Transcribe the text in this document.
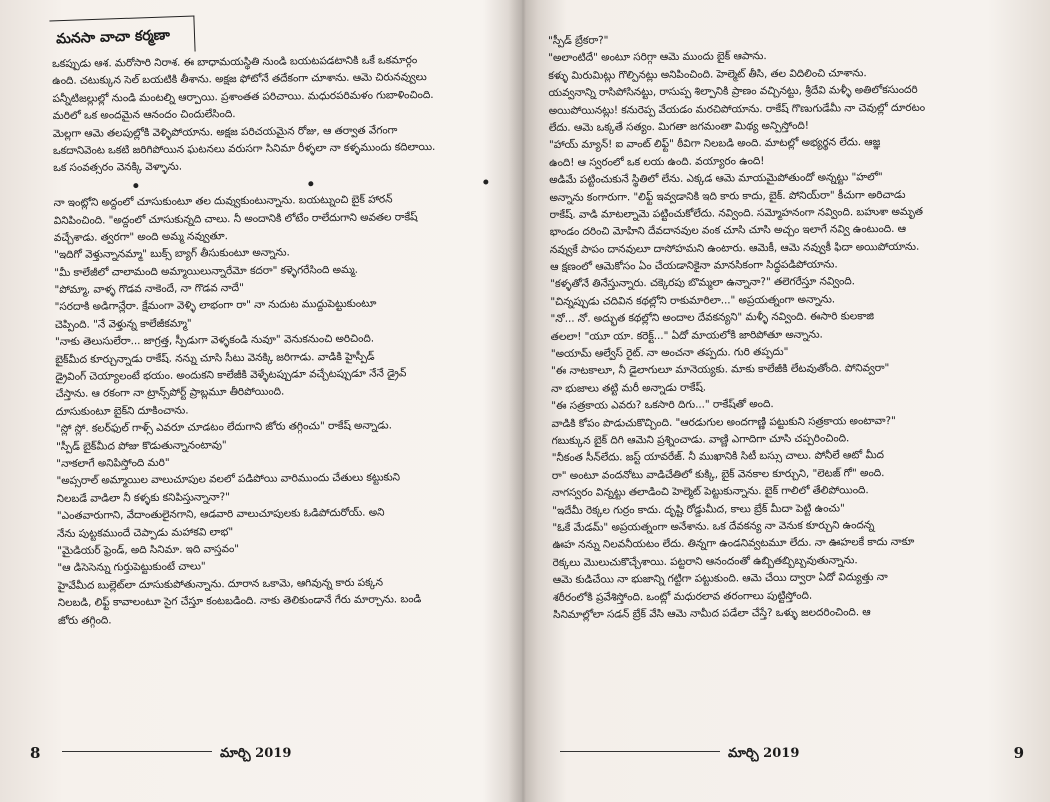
మనసా వాచా కర్మణా
ఒకప్పుడు ఆశ. మరోసారి నిరాశ. ఈ బాధామయస్థితి నుండి బయటపడటానికి ఒకే ఒకమార్గం
ఉంది. చటుక్కున సెల్ బయటికి తీశాను. అక్షజ ఫోటోనే తదేకంగా చూశాను. ఆమె చిరునవ్వులు
పన్నీటిజల్లుల్లో నుండి మంటల్ని ఆర్పాయి. ప్రశాంతత పరిచాయి. మధురపరిమళం గుబాళించింది.
మరిలో ఒక అందమైన ఆనందం చిందులేసింది.
మెల్లగా ఆమె తలపుల్లోకి వెళ్ళిపోయాను. అక్షజ పరిచయమైన రోజు, ఆ తర్వాత వేగంగా
ఒకదానివెంట ఒకటి జరిగిపోయిన ఘటనలు వరుసగా సినిమా రీళ్ళలా నా కళ్ళముందు కదిలాయి.
ఒక సంవత్సరం వెనక్కి వెళ్ళాను.
నా ఇంట్లోని అద్దంలో చూసుకుంటూ తల దువ్వుకుంటున్నాను. బయట్నుంచి బైక్ హారన్
వినిపించింది. "అద్దంలో చూసుకున్నది చాలు. నీ అందానికి లోటేం రాలేదుగాని అవతల రాకేష్
వచ్చేశాడు. త్వరగా" అంది అమ్మ నవ్వుతూ.
"ఇదిగో వెళ్తున్నానమ్మా" బుక్స్ బ్యాగ్ తీసుకుంటూ అన్నాను.
"మీ కాలేజీలో చాలామంది అమ్మాయిలున్నారేమో కదరా" కళ్ళెగరేసింది అమ్మ.
"పోమ్మా, వాళ్ళ గొడవ నాకెందే, నా గొడవ నాదే"
"సరదాకి అడిగాన్లేరా. క్షేమంగా వెళ్ళి లాభంగా రా" నా నుదుట ముద్దుపెట్టుకుంటూ
చెప్పింది. "నే వెళ్తున్న కాలేజీకమ్మా"
"నాకు తెలుసులేరా... జాగ్రత్త, స్పీడుగా వెళ్ళకండి నువూ" వెనుకనుంచి అరిచింది.
బైక్‌మీద కూర్చున్నాడు రాకేష్. నన్ను చూసి సీటు వెనక్కి జరిగాడు. వాడికి హైస్పీడ్
డ్రైవింగ్ చెయ్యాలంటే భయం. అందుకని కాలేజీకి వెళ్ళేటప్పుడూ వచ్చేటప్పుడూ నేనే డ్రైవ్
చేస్తాను. ఆ రకంగా నా ట్రాన్స్‌పోర్ట్ ప్రాబ్లమూ తీరిపోయింది.
దూసుకుంటూ బైక్‌ని దూకించాను.
"స్లో స్లో. కలర్‌ఫుల్ గాళ్స్ ఎవరూ చూడటం లేదుగాని జోరు తగ్గించు" రాకేష్ అన్నాడు.
"స్పీడ్ బైక్‌మీద పోజు కొడుతున్నానంటావు"
"నాకలాగే అనిపిస్తోంది మరి"
"అప్సరాల్ అమ్మాయిల వాలుచూపుల వలలో పడిపోయి వారిముందు చేతులు కట్టుకుని
నిలబడే వాడిలా నీ కళ్ళకు కనిపిస్తున్నానా?"
"ఎంతవారుగాని, వేదాంతులైనగాని, ఆడవారి వాలుచూపులకు ఓడిపోదురోయ్. అని
నేను పుట్టకముందే చెప్పాడు మహాకవి లాభ"
"మైడియర్ ఫ్రెండ్, అది సినిమా. ఇది వాస్తవం"
"ఆ డిసెసెన్ను గుర్తుపెట్టుకుంటే చాలు"
హైవేమీద బుల్లెట్‌లా దూసుకుపోతున్నాను. దూరాన ఒకామె, ఆగివున్న కారు పక్కన
నిలబడి, లిఫ్ట్ కావాలంటూ సైగ చేస్తూ కంటబడింది. నాకు తెలికుండానే గేరు మార్చాను. బండి
జోరు తగ్గింది.
"స్పీడ్ బ్రేకరా?"
"అలాంటిదే" అంటూ సరిగ్గా ఆమె ముందు బైక్ ఆపాను.
కళ్ళు మిరుమిట్లు గొల్పినట్లు అనిపించింది. హెల్మెట్ తీసి, తల విదిలించి చూశాను.
యవ్వనాన్ని రాసిపోసినట్టు, రాసుప్ప శిల్పానికి ప్రాణం వచ్చినట్టు, శ్రీదేవి మళ్ళీ అతిలోకసుందరి
అయిపోయినట్లు! కనురెప్ప వేయడం మరచిపోయాను. రాకేష్ గొణుగుడేమీ నా చెవుల్లో దూరటం
లేదు. ఆమె ఒక్కతే సత్యం. మిగతా జగమంతా మిథ్య అన్పిస్తోంది!
"హాయ్ మ్యాన్! ఐ వాంట్ లిఫ్ట్" ఠీవిగా నిలబడి అంది. మాటల్లో అభ్యర్థన లేదు. ఆజ్ఞ
ఉంది! ఆ స్వరంలో ఒక లయ ఉంది. వయ్యారం ఉంది!
అడిమే పట్టించుకునే స్థితిలో లేను. ఎక్కడ ఆమె మాయమైపోతుందో అన్నట్టు "హలో"
అన్నాను కంగారుగా. "లిఫ్ట్ ఇవ్వడానికి ఇది కారు కాదు, బైక్. పోనియ్‌రా" కీచుగా అరిచాడు
రాకేష్. వాడి మాటల్నామె పట్టించుకోలేదు. నవ్వింది. సమ్మోహనంగా నవ్వింది. బహుశా అమృత
భాండం దరించి మోహిని దేవదానవుల వంక చూసి చూసి అచ్చం ఇలాగే నవ్వి ఉంటుంది. ఆ
నవ్వుకే పాపం దానవులూ దాసోహమని ఉంటారు. ఆమెకీ, ఆమె నవ్వుకీ ఫిదా అయిపోయాను.
ఆ క్షణంలో ఆమెకోసం ఏం చేయడానికైనా మానసికంగా సిద్ధపడిపోయాను.
"కళ్ళతోనే తినేస్తున్నారు. చక్కెరపు బొమ్మలా ఉన్నానా?" తలెగరేస్తూ నవ్వింది.
"చిన్నప్పుడు చదివిన కథల్లోని రాకుమారిలా..." అప్రయత్నంగా అన్నాను.
"నో... నో. అద్భుత కథల్లోని అందాల దేవకన్యని" మళ్ళీ నవ్వింది. ఈసారి కులకాజి
తలలా! "యూ యా. కరెక్ట్..." ఏదో మాయలోకి జారిపోతూ అన్నాను.
"అయామ్ ఆల్వేస్ రైట్. నా అంచనా తప్పదు. గురి తప్పదు"
"ఈ నాటకాలూ, నీ డైలాగులూ మానెయ్యకు. మాకు కాలేజీకి లేటవుతోంది. పోనివ్వరా"
నా భుజాలు తట్టి మరీ అన్నాడు రాకేష్.
"ఈ సత్రకాయ ఎవరు? ఒకసారి దిగు..." రాకేష్‌తో అంది.
వాడికి కోపం పొడుచుకొచ్చింది. "ఆరడుగుల అందగాణ్ణి పట్టుకుని సత్రకాయ అంటావా?"
గబుక్కున బైక్ దిగి ఆమెని ప్రశ్నించాడు. వాణ్ణి ఎగాదిగా చూసి చప్పరించింది.
"నీకంత సీన్‌లేదు. జస్ట్ యావరేజ్. నీ ముఖానికి సిటీ బస్సు చాలు. పోనీలే ఆటో మీద
రా" అంటూ వందనోటు వాడిచేతిలో కుక్కి, బైక్ వెనకాల కూర్చుని, "లెటజ్ గో" అంది.
నాగస్వరం విన్నట్టు తలాడించి హెల్మెట్ పెట్టుకున్నాను. బైక్ గాలిలో తేలిపోయింది.
"ఇదేమీ రెక్కల గుర్రం కాదు. దృష్టి రోడ్డుమీద, కాలు బ్రేక్ మీదా పెట్టి ఉంచు"
"ఓకే మేడమ్" అప్రయత్నంగా అనేశాను. ఒక దేవకన్య నా వెనుక కూర్చుని ఉందన్న
ఊహ నన్ను నిలవనీయటం లేదు. తిన్నగా ఉండనివ్వటమూ లేదు. నా ఊహలకే కాదు నాకూ
రెక్కలు మొలుచుకొచ్చేశాయి. పట్టరాని ఆనందంతో ఉబ్బితబ్బిబ్బవుతున్నాను.
ఆమె కుడిచేయి నా భుజాన్ని గట్టిగా పట్టుకుంది. ఆమె చేయి ద్వారా ఏదో విద్యుత్తు నా
శరీరంలోకి ప్రవేశిస్తోంది. ఒంట్లో మధురలావ తరంగాలు పుట్టిస్తోంది.
సినిమాల్లోలా సడన్ బ్రేక్ వేసి ఆమె నామీద పడేలా చేస్తే? ఒళ్ళు జలదరించింది. ఆ
8	మార్చి 2019	మార్చి 2019	9
